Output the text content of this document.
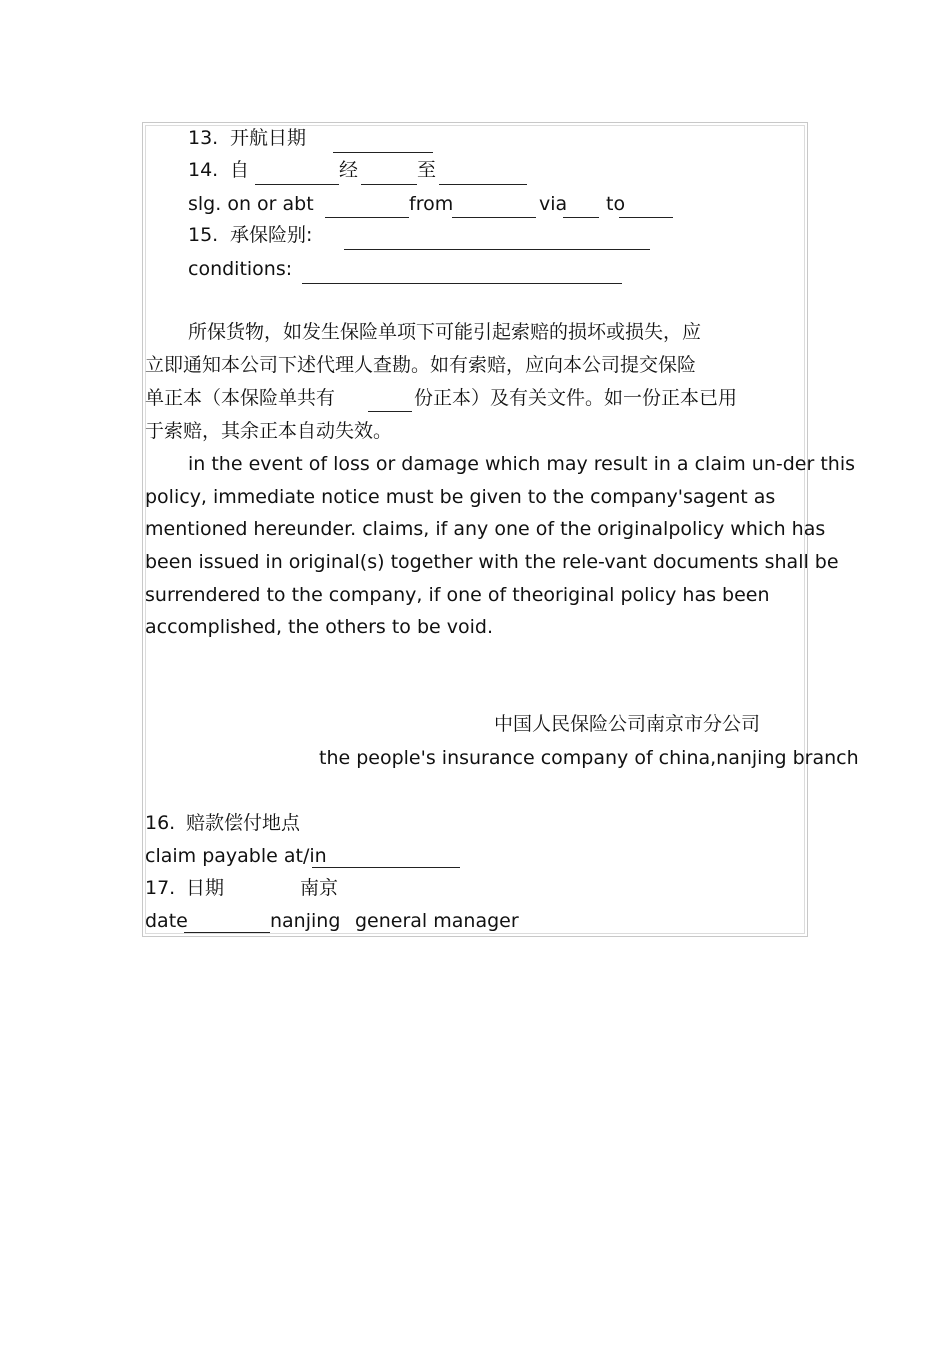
13. 开航日期
14. 自	经	至
slg. on or abt	from	via to
15. 承保险别:
conditions:
所保货物，如发生保险单项下可能引起索赔的损坏或损失，应
立即通知本公司下述代理人查勘。如有索赔，应向本公司提交保险
单正本（本保险单共有	份正本）及有关文件。如一份正本已用
于索赔，其余正本自动失效。
in the event of loss or damage which may result in a claim un-der this
policy, immediate notice must be given to the company'sagent as
mentioned hereunder. claims, if any one of the originalpolicy which has
been issued in original(s) together with the rele-vant documents shall be
surrendered to the company, if one of theoriginal policy has been
accomplished, the others to be void.
中国人民保险公司南京市分公司
the people's insurance company of china,nanjing branch
16. 赔款偿付地点
claim payable at/in
17. 日期	南京
date	nanjing general manager
